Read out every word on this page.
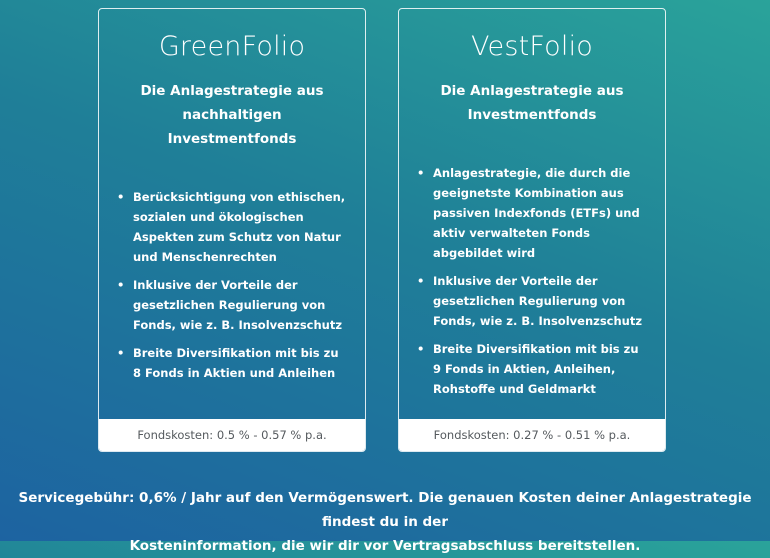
GreenFolio
Die Anlagestrategie aus
nachhaltigen Investmentfonds
• Berücksichtigung von ethischen, sozialen und ökologischen Aspekten zum Schutz von Natur und Menschenrechten
• Inklusive der Vorteile der gesetzlichen Regulierung von Fonds, wie z. B. Insolvenzschutz
• Breite Diversifikation mit bis zu 8 Fonds in Aktien und Anleihen
Fondskosten: 0.5 % - 0.57 % p.a.
VestFolio
Die Anlagestrategie aus
Investmentfonds
• Anlagestrategie, die durch die geeignetste Kombination aus passiven Indexfonds (ETFs) und aktiv verwalteten Fonds abgebildet wird
• Inklusive der Vorteile der gesetzlichen Regulierung von Fonds, wie z. B. Insolvenzschutz
• Breite Diversifikation mit bis zu 9 Fonds in Aktien, Anleihen, Rohstoffe und Geldmarkt
Fondskosten: 0.27 % - 0.51 % p.a.
Servicegebühr: 0,6% / Jahr auf den Vermögenswert. Die genauen Kosten deiner Anlagestrategie findest du in der
Kosteninformation, die wir dir vor Vertragsabschluss bereitstellen.
